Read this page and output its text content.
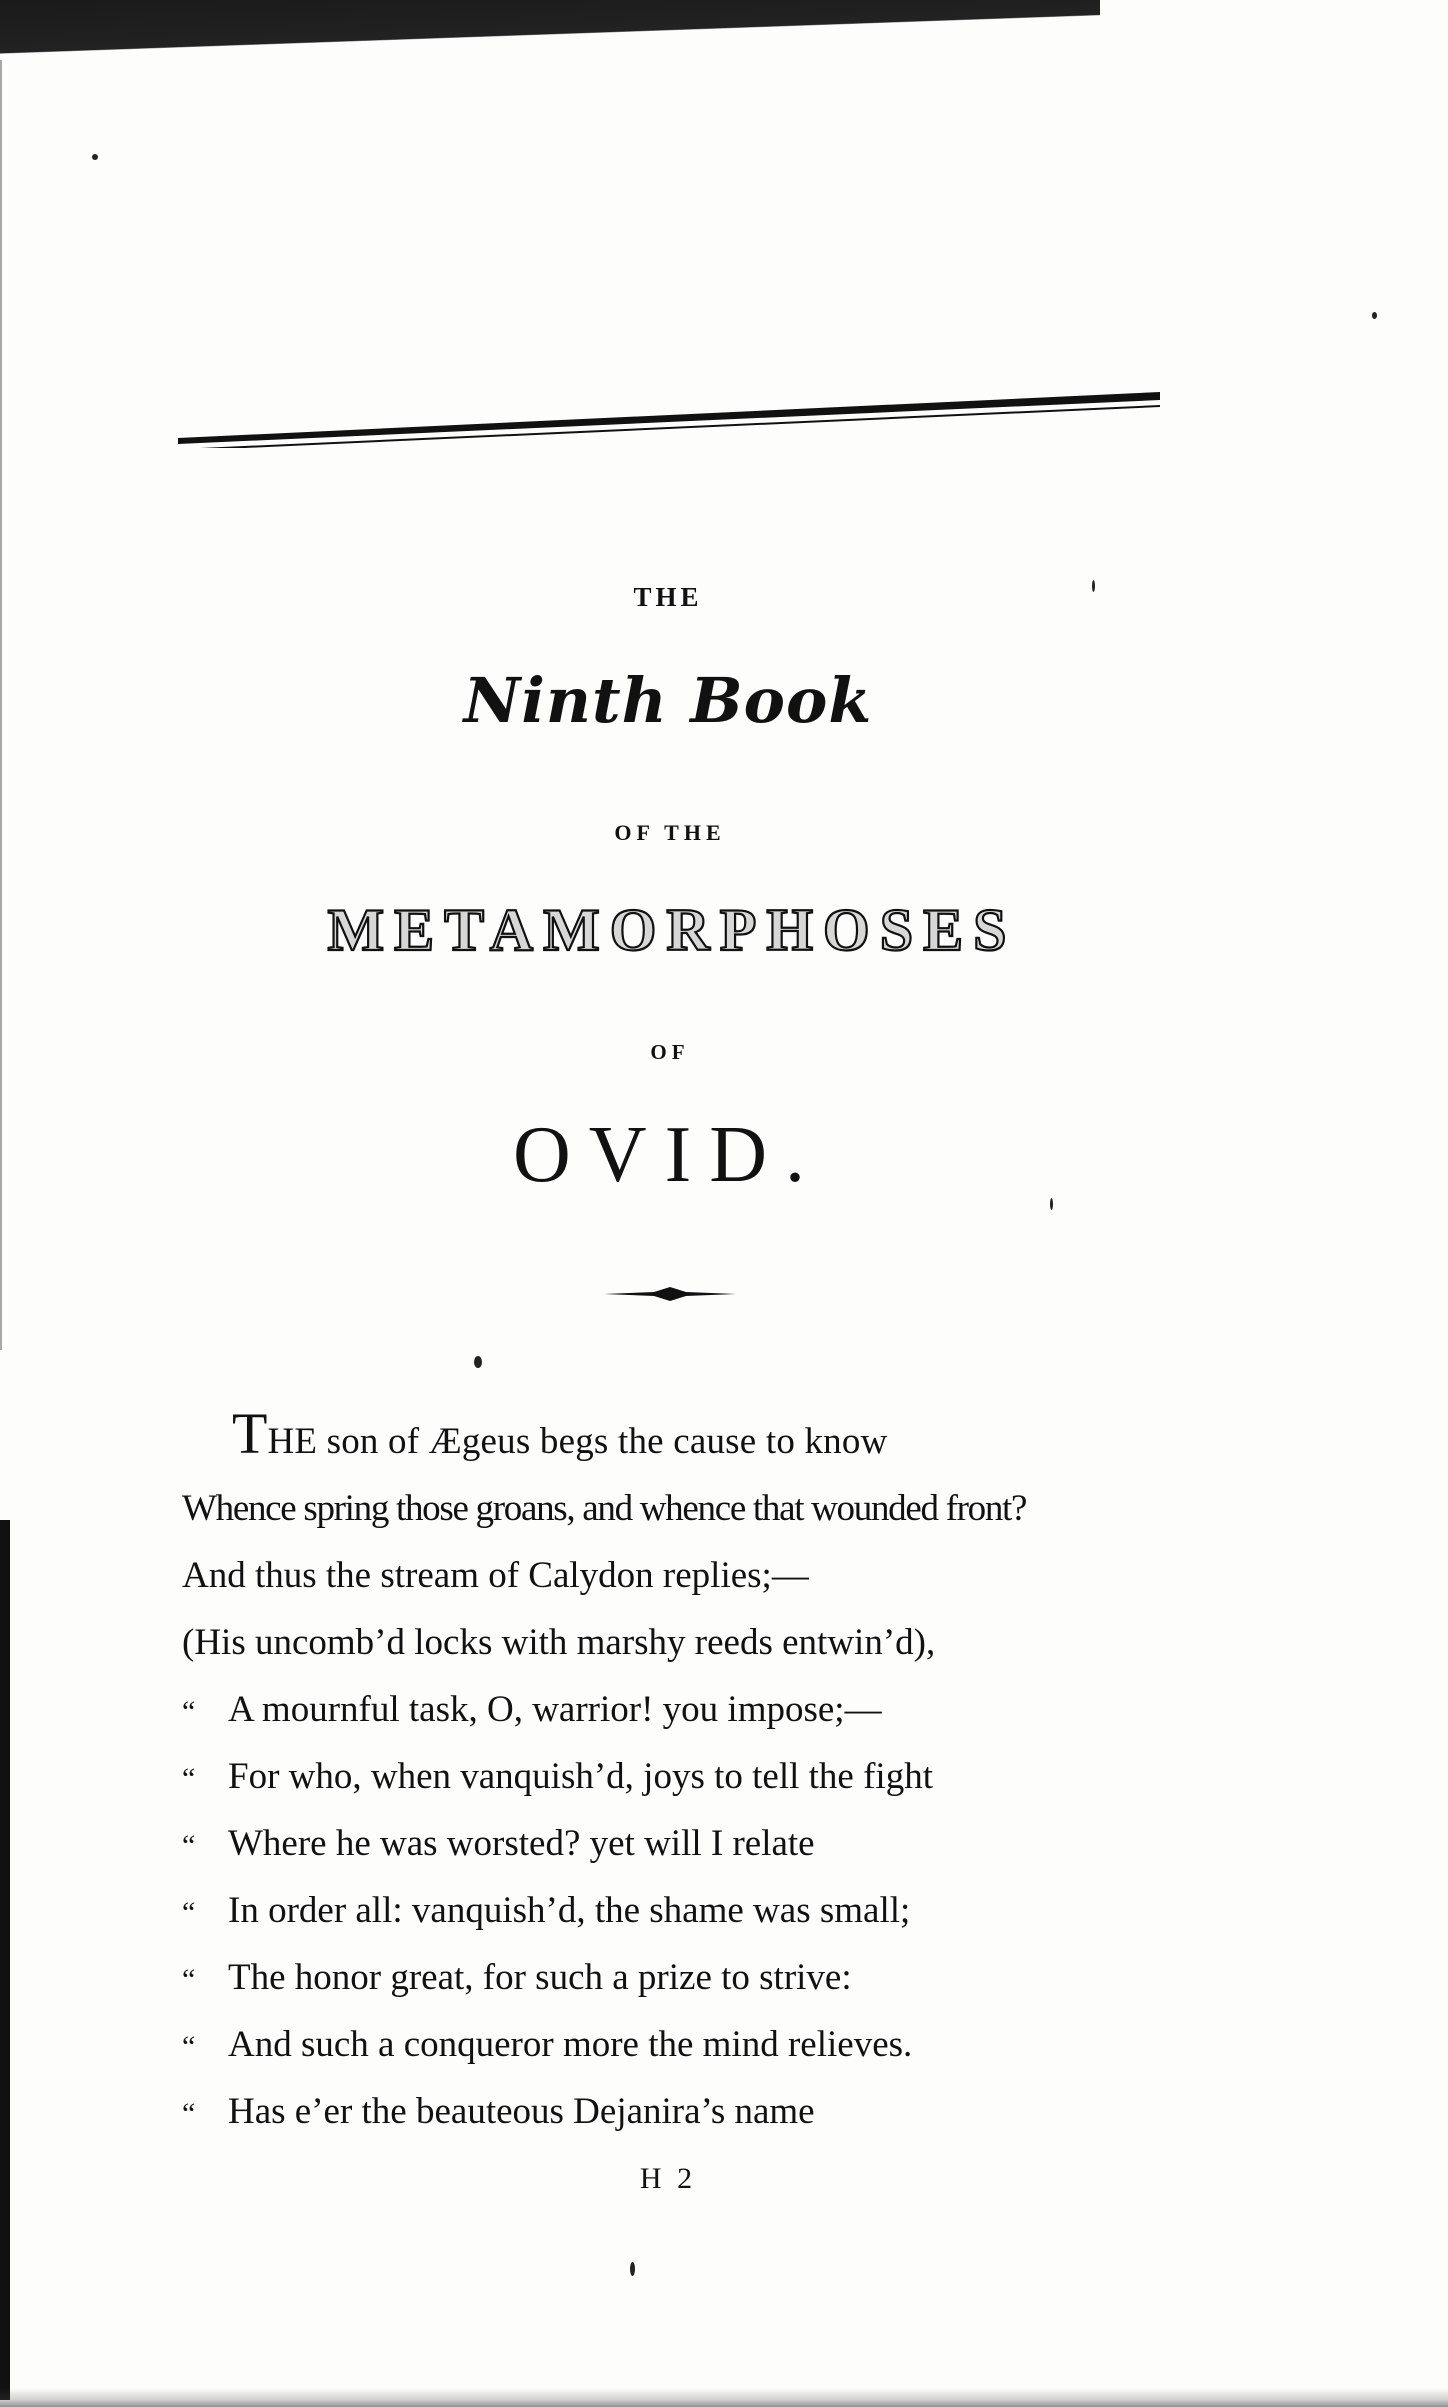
THE
Ninth Book
OF THE
METAMORPHOSES
OF
OVID.
THE son of Ægeus begs the cause to know
Whence spring those groans, and whence that wounded front?
And thus the stream of Calydon replies;—
(His uncomb’d locks with marshy reeds entwin’d),
“ A mournful task, O, warrior! you impose;—
“ For who, when vanquish’d, joys to tell the fight
“ Where he was worsted? yet will I relate
“ In order all: vanquish’d, the shame was small;
“ The honor great, for such a prize to strive:
“ And such a conqueror more the mind relieves.
“ Has e’er the beauteous Dejanira’s name
H 2
